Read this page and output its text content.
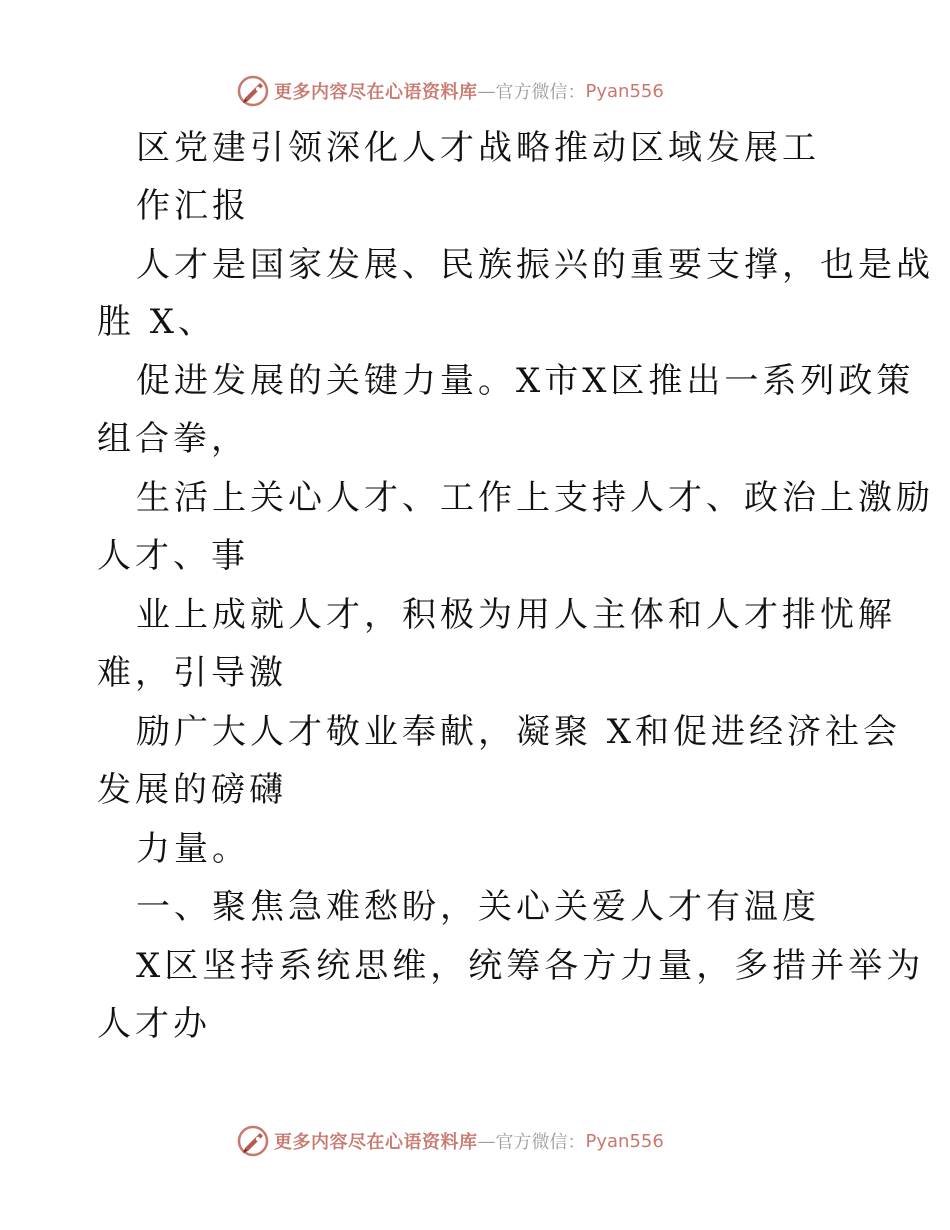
更多内容尽在心语资料库 — 官方微信： Pyan556

区党建引领深化人才战略推动区域发展工

作汇报

人才是国家发展、民族振兴的重要支撑，也是战

胜 X、

促进发展的关键力量。X市X区推出一系列政策

组合拳，

生活上关心人才、工作上支持人才、政治上激励

人才、事

业上成就人才，积极为用人主体和人才排忧解

难，引导激

励广大人才敬业奉献，凝聚 X和促进经济社会

发展的磅礴

力量。

一、聚焦急难愁盼，关心关爱人才有温度

X区坚持系统思维，统筹各方力量，多措并举为

人才办

更多内容尽在心语资料库 — 官方微信： Pyan556
